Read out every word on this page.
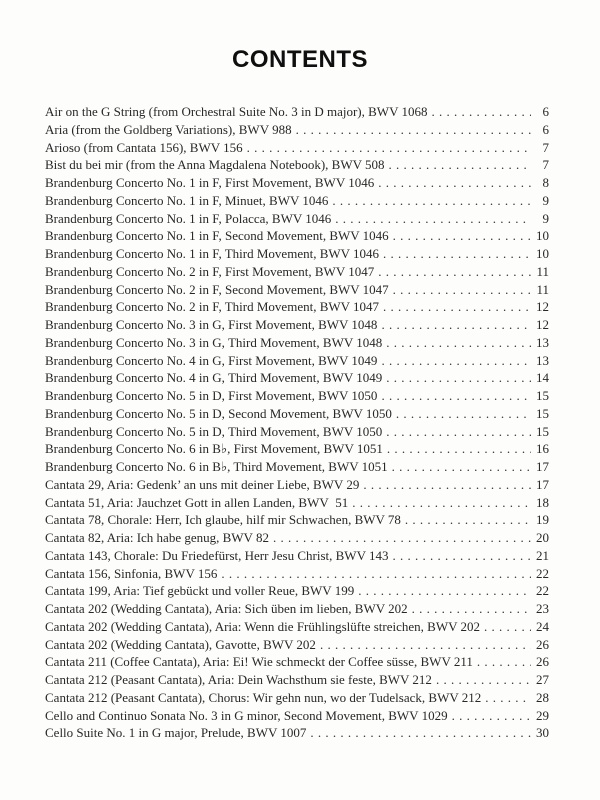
CONTENTS
Air on the G String (from Orchestral Suite No. 3 in D major), BWV 1068 . . .	6
Aria (from the Goldberg Variations), BWV 988 . . .	6
Arioso (from Cantata 156), BWV 156 . . .	7
Bist du bei mir (from the Anna Magdalena Notebook), BWV 508 . . .	7
Brandenburg Concerto No. 1 in F, First Movement, BWV 1046 . . .	8
Brandenburg Concerto No. 1 in F, Minuet, BWV 1046 . . .	9
Brandenburg Concerto No. 1 in F, Polacca, BWV 1046 . . .	9
Brandenburg Concerto No. 1 in F, Second Movement, BWV 1046 . . .	10
Brandenburg Concerto No. 1 in F, Third Movement, BWV 1046 . . .	10
Brandenburg Concerto No. 2 in F, First Movement, BWV 1047 . . .	11
Brandenburg Concerto No. 2 in F, Second Movement, BWV 1047 . . .	11
Brandenburg Concerto No. 2 in F, Third Movement, BWV 1047 . . .	12
Brandenburg Concerto No. 3 in G, First Movement, BWV 1048 . . .	12
Brandenburg Concerto No. 3 in G, Third Movement, BWV 1048 . . .	13
Brandenburg Concerto No. 4 in G, First Movement, BWV 1049 . . .	13
Brandenburg Concerto No. 4 in G, Third Movement, BWV 1049 . . .	14
Brandenburg Concerto No. 5 in D, First Movement, BWV 1050 . . .	15
Brandenburg Concerto No. 5 in D, Second Movement, BWV 1050 . . .	15
Brandenburg Concerto No. 5 in D, Third Movement, BWV 1050 . . .	15
Brandenburg Concerto No. 6 in B♭, First Movement, BWV 1051 . . .	16
Brandenburg Concerto No. 6 in B♭, Third Movement, BWV 1051 . . .	17
Cantata 29, Aria: Gedenk’ an uns mit deiner Liebe, BWV 29 . . .	17
Cantata 51, Aria: Jauchzet Gott in allen Landen, BWV  51 . . .	18
Cantata 78, Chorale: Herr, Ich glaube, hilf mir Schwachen, BWV 78 . . .	19
Cantata 82, Aria: Ich habe genug, BWV 82 . . .	20
Cantata 143, Chorale: Du Friedefürst, Herr Jesu Christ, BWV 143 . . .	21
Cantata 156, Sinfonia, BWV 156 . . .	22
Cantata 199, Aria: Tief gebückt und voller Reue, BWV 199 . . .	22
Cantata 202 (Wedding Cantata), Aria: Sich üben im lieben, BWV 202 . . .	23
Cantata 202 (Wedding Cantata), Aria: Wenn die Frühlingslüfte streichen, BWV 202 . . .	24
Cantata 202 (Wedding Cantata), Gavotte, BWV 202 . . .	26
Cantata 211 (Coffee Cantata), Aria: Ei! Wie schmeckt der Coffee süsse, BWV 211 . . .	26
Cantata 212 (Peasant Cantata), Aria: Dein Wachsthum sie feste, BWV 212 . . .	27
Cantata 212 (Peasant Cantata), Chorus: Wir gehn nun, wo der Tudelsack, BWV 212 . . .	28
Cello and Continuo Sonata No. 3 in G minor, Second Movement, BWV 1029 . . .	29
Cello Suite No. 1 in G major, Prelude, BWV 1007 . . .	30
